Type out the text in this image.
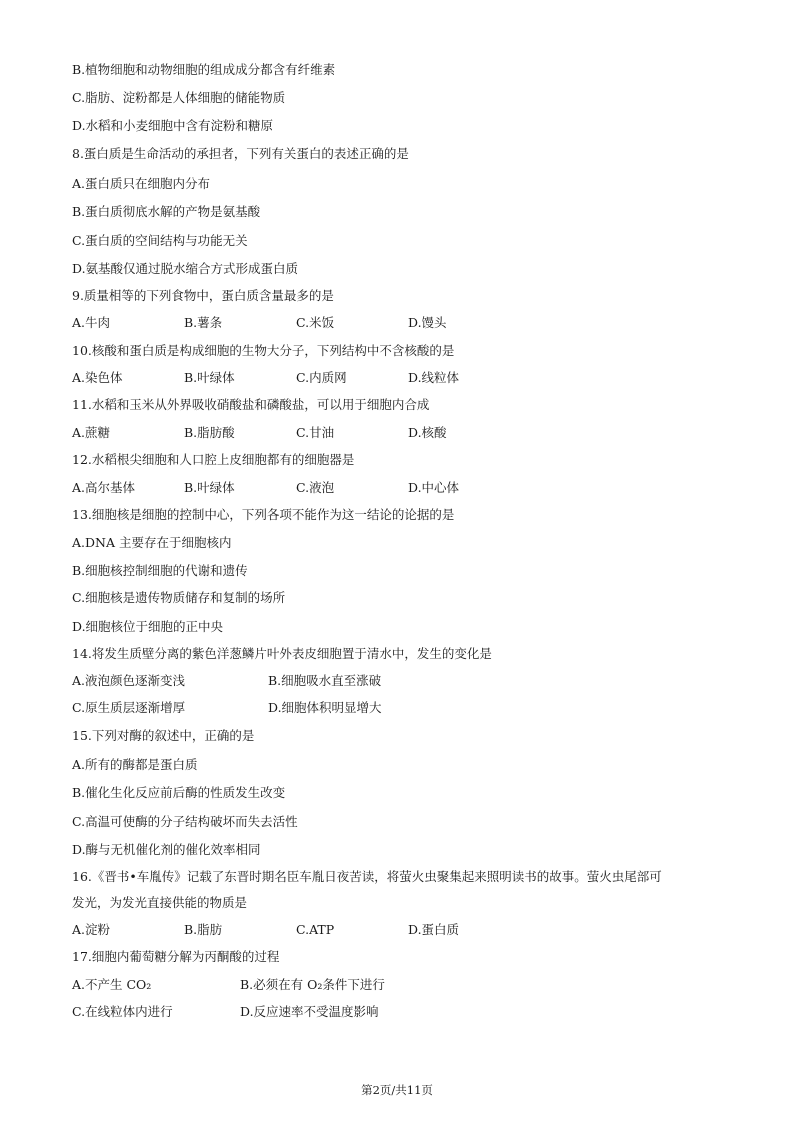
B.植物细胞和动物细胞的组成成分都含有纤维素
C.脂肪、淀粉都是人体细胞的储能物质
D.水稻和小麦细胞中含有淀粉和糖原
8.蛋白质是生命活动的承担者，下列有关蛋白的表述正确的是
A.蛋白质只在细胞内分布
B.蛋白质彻底水解的产物是氨基酸
C.蛋白质的空间结构与功能无关
D.氨基酸仅通过脱水缩合方式形成蛋白质
9.质量相等的下列食物中，蛋白质含量最多的是
A.牛肉	B.薯条	C.米饭	D.馒头
10.核酸和蛋白质是构成细胞的生物大分子，下列结构中不含核酸的是
A.染色体	B.叶绿体	C.内质网	D.线粒体
11.水稻和玉米从外界吸收硝酸盐和磷酸盐，可以用于细胞内合成
A.蔗糖	B.脂肪酸	C.甘油	D.核酸
12.水稻根尖细胞和人口腔上皮细胞都有的细胞器是
A.高尔基体	B.叶绿体	C.液泡	D.中心体
13.细胞核是细胞的控制中心，下列各项不能作为这一结论的论据的是
A.DNA 主要存在于细胞核内
B.细胞核控制细胞的代谢和遗传
C.细胞核是遗传物质储存和复制的场所
D.细胞核位于细胞的正中央
14.将发生质壁分离的紫色洋葱鳞片叶外表皮细胞置于清水中，发生的变化是
A.液泡颜色逐渐变浅	B.细胞吸水直至涨破
C.原生质层逐渐增厚	D.细胞体积明显增大
15.下列对酶的叙述中，正确的是
A.所有的酶都是蛋白质
B.催化生化反应前后酶的性质发生改变
C.高温可使酶的分子结构破坏而失去活性
D.酶与无机催化剂的催化效率相同
16.《晋书•车胤传》记载了东晋时期名臣车胤日夜苦读，将萤火虫聚集起来照明读书的故事。萤火虫尾部可
发光，为发光直接供能的物质是
A.淀粉	B.脂肪	C.ATP	D.蛋白质
17.细胞内葡萄糖分解为丙酮酸的过程
A.不产生 CO₂	B.必须在有 O₂条件下进行
C.在线粒体内进行	D.反应速率不受温度影响
第2页/共11页
